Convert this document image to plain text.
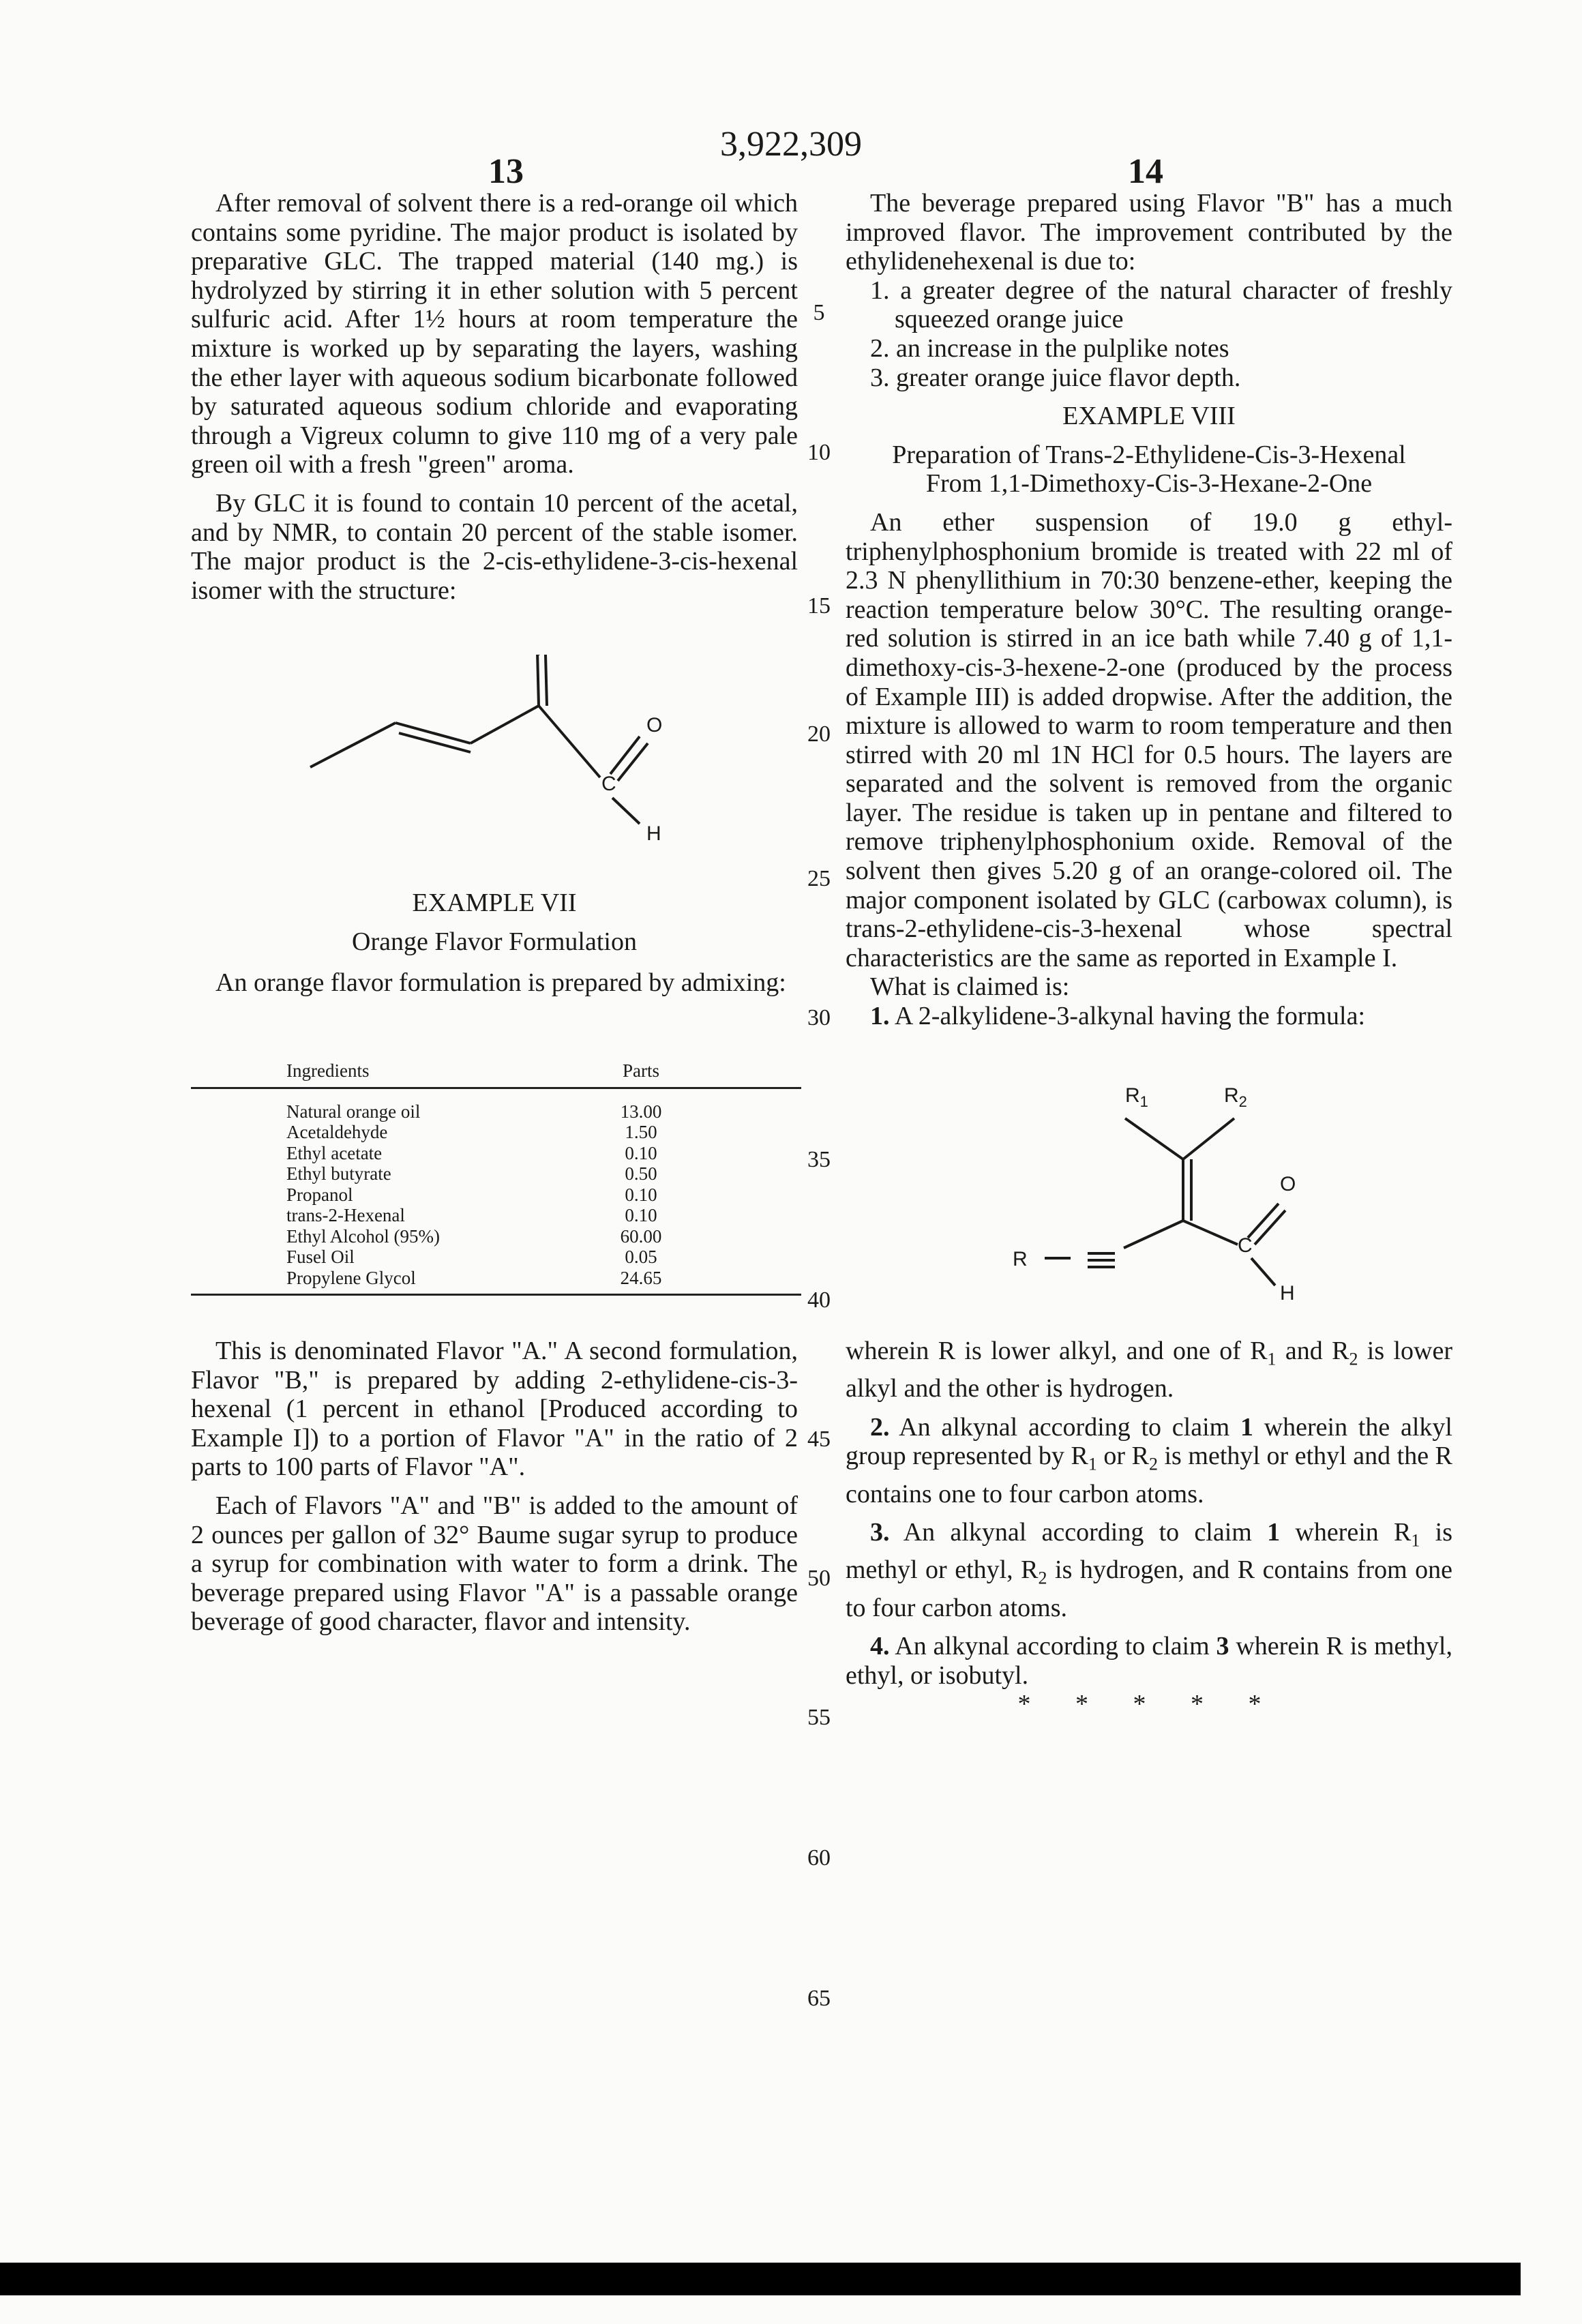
3,922,309
13	14

After removal of solvent there is a red-orange oil which contains some pyridine. The major product is isolated by preparative GLC. The trapped material (140 mg.) is hydrolyzed by stirring it in ether solution with 5 percent sulfuric acid. After 1½ hours at room temperature the mixture is worked up by separating the layers, washing the ether layer with aqueous sodium bicarbonate followed by saturated aqueous sodium chloride and evaporating through a Vigreux column to give 110 mg of a very pale green oil with a fresh "green" aroma.

By GLC it is found to contain 10 percent of the acetal, and by NMR, to contain 20 percent of the stable isomer. The major product is the 2-cis-ethylidene-3-cis-hexenal isomer with the structure:

O
C
H

EXAMPLE VII

Orange Flavor Formulation

An orange flavor formulation is prepared by admixing:

Ingredients	Parts
Natural orange oil	13.00
Acetaldehyde	1.50
Ethyl acetate	0.10
Ethyl butyrate	0.50
Propanol	0.10
trans-2-Hexenal	0.10
Ethyl Alcohol (95%)	60.00
Fusel Oil	0.05
Propylene Glycol	24.65

This is denominated Flavor "A." A second formulation, Flavor "B," is prepared by adding 2-ethylidene-cis-3-hexenal (1 percent in ethanol [Produced according to Example I]) to a portion of Flavor "A" in the ratio of 2 parts to 100 parts of Flavor "A".

Each of Flavors "A" and "B" is added to the amount of 2 ounces per gallon of 32° Baume sugar syrup to produce a syrup for combination with water to form a drink. The beverage prepared using Flavor "A" is a passable orange beverage of good character, flavor and intensity.

5
10
15
20
25
30
35
40
45
50
55
60
65

The beverage prepared using Flavor "B" has a much improved flavor. The improvement contributed by the ethylidenehexenal is due to:

1. a greater degree of the natural character of freshly squeezed orange juice

2. an increase in the pulplike notes

3. greater orange juice flavor depth.

EXAMPLE VIII

Preparation of Trans-2-Ethylidene-Cis-3-Hexenal

From 1,1-Dimethoxy-Cis-3-Hexane-2-One

An ether suspension of 19.0 g ethyl-triphenylphosphonium bromide is treated with 22 ml of 2.3 N phenyllithium in 70:30 benzene-ether, keeping the reaction temperature below 30°C. The resulting orange-red solution is stirred in an ice bath while 7.40 g of 1,1-dimethoxy-cis-3-hexene-2-one (produced by the process of Example III) is added dropwise. After the addition, the mixture is allowed to warm to room temperature and then stirred with 20 ml 1N HCl for 0.5 hours. The layers are separated and the solvent is removed from the organic layer. The residue is taken up in pentane and filtered to remove triphenylphosphonium oxide. Removal of the solvent then gives 5.20 g of an orange-colored oil. The major component isolated by GLC (carbowax column), is trans-2-ethylidene-cis-3-hexenal whose spectral characteristics are the same as reported in Example I.

What is claimed is:

1. A 2-alkylidene-3-alkynal having the formula:

R1	R2
O
C
H
R

wherein R is lower alkyl, and one of R1 and R2 is lower alkyl and the other is hydrogen.

2. An alkynal according to claim 1 wherein the alkyl group represented by R1 or R2 is methyl or ethyl and the R contains one to four carbon atoms.

3. An alkynal according to claim 1 wherein R1 is methyl or ethyl, R2 is hydrogen, and R contains from one to four carbon atoms.

4. An alkynal according to claim 3 wherein R is methyl, ethyl, or isobutyl.

* * * * *
